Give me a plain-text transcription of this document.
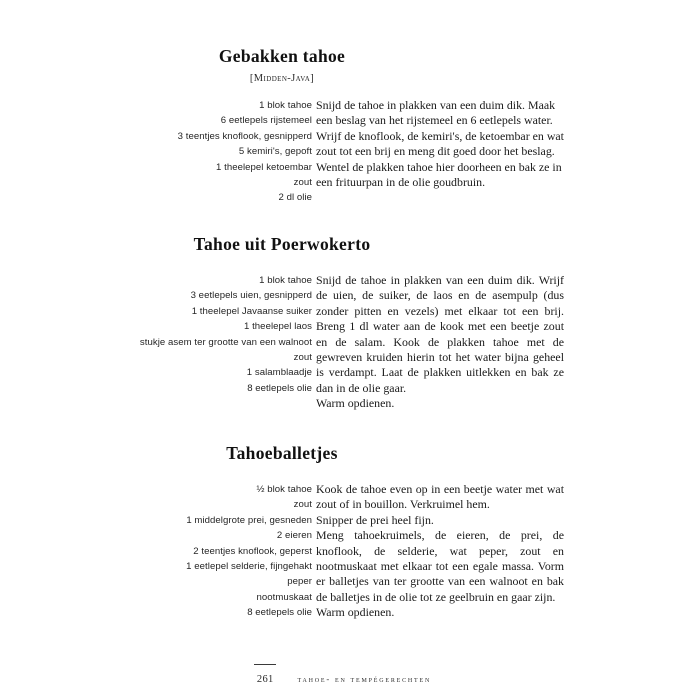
Gebakken tahoe
[Midden-Java]
1 blok tahoe
6 eetlepels rijstemeel
3 teentjes knoflook, gesnipperd
5 kemiri's, gepoft
1 theelepel ketoembar
zout
2 dl olie

Snijd de tahoe in plakken van een duim dik. Maak een beslag van het rijstemeel en 6 eetlepels water. Wrijf de knoflook, de kemiri's, de ketoembar en wat zout tot een brij en meng dit goed door het beslag. Wentel de plakken tahoe hier doorheen en bak ze in een frituurpan in de olie goudbruin.

Tahoe uit Poerwokerto
1 blok tahoe
3 eetlepels uien, gesnipperd
1 theelepel Javaanse suiker
1 theelepel laos
stukje asem ter grootte van een walnoot
zout
1 salamblaadje
8 eetlepels olie

Snijd de tahoe in plakken van een duim dik. Wrijf de uien, de suiker, de laos en de asempulp (dus zonder pitten en vezels) met elkaar tot een brij. Breng 1 dl water aan de kook met een beetje zout en de salam. Kook de plakken tahoe met de gewreven kruiden hierin tot het water bijna geheel is verdampt. Laat de plakken uitlekken en bak ze dan in de olie gaar.

Warm opdienen.

Tahoeballetjes
½ blok tahoe
zout
1 middelgrote prei, gesneden
2 eieren
2 teentjes knoflook, geperst
1 eetlepel selderie, fijngehakt
peper
nootmuskaat
8 eetlepels olie

Kook de tahoe even op in een beetje water met wat zout of in bouillon. Verkruimel hem.

Snipper de prei heel fijn.

Meng tahoekruimels, de eieren, de prei, de knoflook, de selderie, wat peper, zout en nootmuskaat met elkaar tot een egale massa. Vorm er balletjes van ter grootte van een walnoot en bak de balletjes in de olie tot ze geelbruin en gaar zijn.

Warm opdienen.

261	tahoe- en tempégerechten
